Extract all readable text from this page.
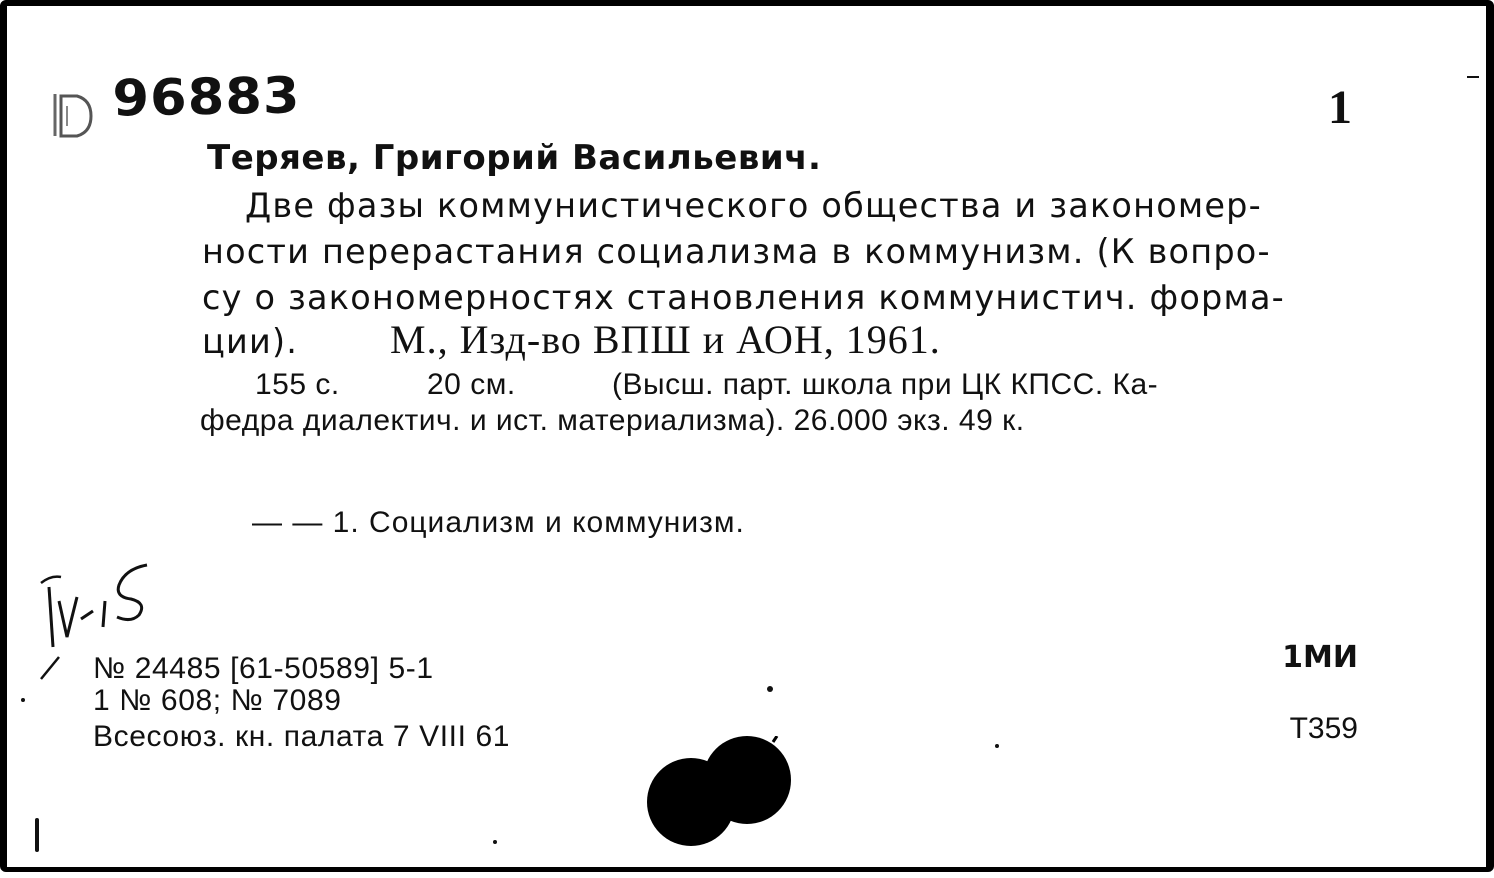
96883	1
Теряев, Григорий Васильевич.
Две фазы коммунистического общества и закономер-
ности перерастания социализма в коммунизм. (К вопро-
су о закономерностях становления коммунистич. форма-
ции). М., Изд-во ВПШ и АОН, 1961.
155 с.	20 см.	(Высш. парт. школа при ЦК КПСС. Ка-
федра диалектич. и ист. материализма). 26.000 экз. 49 к.
— — 1. Социализм и коммунизм.
№ 24485 [61-50589] 5-1
1 № 608; № 7089
Всесоюз. кн. палата 7 VIII 61
1МИ
Т359
